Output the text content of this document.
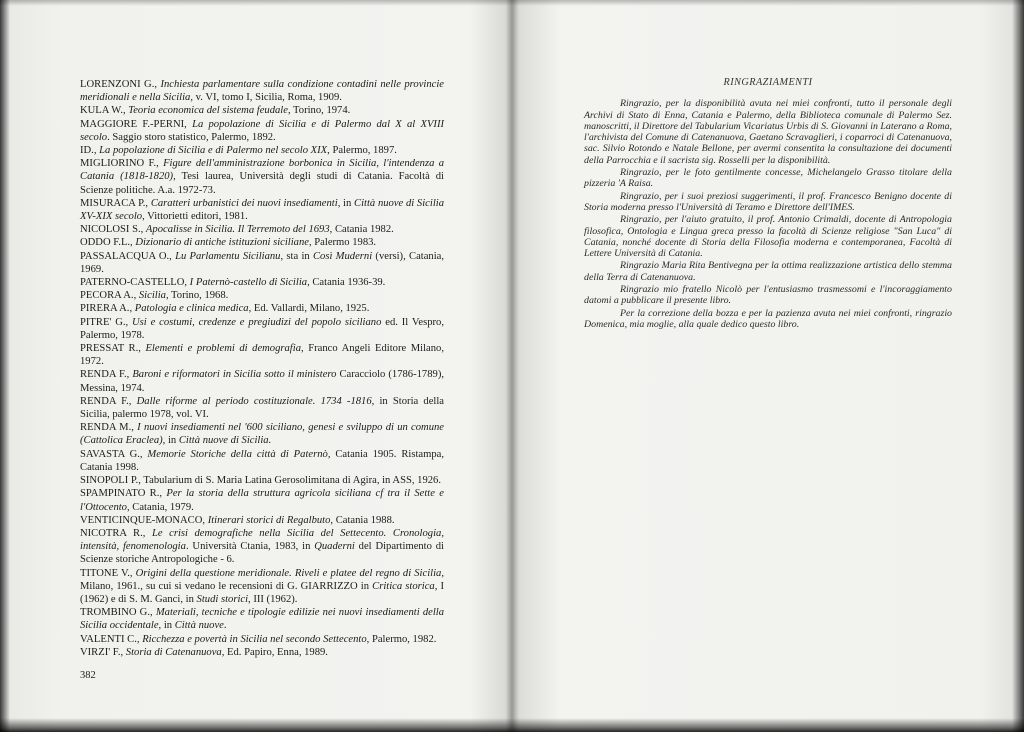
LORENZONI G., Inchiesta parlamentare sulla condizione contadini nelle provincie meridionali e nella Sicilia, v. VI, tomo I, Sicilia, Roma, 1909.

KULA W., Teoria economica del sistema feudale, Torino, 1974.

MAGGIORE F.-PERNI, La popolazione di Sicilia e di Palermo dal X al XVIII secolo. Saggio storo statistico, Palermo, 1892.

ID., La popolazione di Sicilia e di Palermo nel secolo XIX, Palermo, 1897.

MIGLIORINO F., Figure dell'amministrazione borbonica in Sicilia, l'intendenza a Catania (1818-1820), Tesi laurea, Università degli studi di Catania. Facoltà di Scienze politiche. A.a. 1972-73.

MISURACA P., Caratteri urbanistici dei nuovi insediamenti, in Città nuove di Sicilia XV-XIX secolo, Vittorietti editori, 1981.

NICOLOSI S., Apocalisse in Sicilia. Il Terremoto del 1693, Catania 1982.

ODDO F.L., Dizionario di antiche istituzioni siciliane, Palermo 1983.

PASSALACQUA O., Lu Parlamentu Sicilianu, sta in Così Muderni (versi), Catania, 1969.

PATERNO-CASTELLO, I Paternò-castello di Sicilia, Catania 1936-39.

PECORA A., Sicilia, Torino, 1968.

PIRERA A., Patologia e clinica medica, Ed. Vallardi, Milano, 1925.

PITRE' G., Usi e costumi, credenze e pregiudizi del popolo siciliano ed. Il Vespro, Palermo, 1978.

PRESSAT R., Elementi e problemi di demografia, Franco Angeli Editore Milano, 1972.

RENDA F., Baroni e riformatori in Sicilia sotto il ministero Caracciolo (1786-1789), Messina, 1974.

RENDA F., Dalle riforme al periodo costituzionale. 1734 -1816, in Storia della Sicilia, palermo 1978, vol. VI.

RENDA M., I nuovi insediamenti nel '600 siciliano, genesi e sviluppo di un comune (Cattolica Eraclea), in Città nuove di Sicilia.

SAVASTA G., Memorie Storiche della città di Paternò, Catania 1905. Ristampa, Catania 1998.

SINOPOLI P., Tabularium di S. Maria Latina Gerosolimitana di Agira, in ASS, 1926.

SPAMPINATO R., Per la storia della struttura agricola siciliana cf tra il Sette e l'Ottocento, Catania, 1979.

VENTICINQUE-MONACO, Itinerari storici di Regalbuto, Catania 1988.

NICOTRA R., Le crisi demografiche nella Sicilia del Settecento. Cronologia, intensità, fenomenologia. Università Ctania, 1983, in Quaderni del Dipartimento di Scienze storiche Antropologiche - 6.

TITONE V., Origini della questione meridionale. Riveli e platee del regno di Sicilia, Milano, 1961., su cui si vedano le recensioni di G. GIARRIZZO in Critica storica, I (1962) e di S. M. Ganci, in Studi storici, III (1962).

TROMBINO G., Materiali, tecniche e tipologie edilizie nei nuovi insediamenti della Sicilia occidentale, in Città nuove.

VALENTI C., Ricchezza e povertà in Sicilia nel secondo Settecento, Palermo, 1982.

VIRZI' F., Storia di Catenanuova, Ed. Papiro, Enna, 1989.

382
RINGRAZIAMENTI

Ringrazio, per la disponibilità avuta nei miei confronti, tutto il personale degli Archivi di Stato di Enna, Catania e Palermo, della Biblioteca comunale di Palermo Sez. manoscritti, il Direttore del Tabularium Vicariatus Urbis di S. Giovanni in Laterano a Roma, l'archivista del Comune di Catenanuova, Gaetano Scravaglieri, i coparroci di Catenanuova, sac. Silvio Rotondo e Natale Bellone, per avermi consentita la consultazione dei documenti della Parrocchia e il sacrista sig. Rosselli per la disponibilità.

Ringrazio, per le foto gentilmente concesse, Michelangelo Grasso titolare della pizzeria 'A Raisa.

Ringrazio, per i suoi preziosi suggerimenti, il prof. Francesco Benigno docente di Storia moderna presso l'Università di Teramo e Direttore dell'IMES.

Ringrazio, per l'aiuto gratuito, il prof. Antonio Crimaldi, docente di Antropologia filosofica, Ontologia e Lingua greca presso la facoltà di Scienze religiose "San Luca" di Catania, nonché docente di Storia della Filosofia moderna e contemporanea, Facoltà di Lettere Università di Catania.

Ringrazio Maria Rita Bentivegna per la ottima realizzazione artistica dello stemma della Terra di Catenanuova.

Ringrazio mio fratello Nicolò per l'entusiasmo trasmessomi e l'incoraggiamento datomi a pubblicare il presente libro.

Per la correzione della bozza e per la pazienza avuta nei miei confronti, ringrazio Domenica, mia moglie, alla quale dedico questo libro.
